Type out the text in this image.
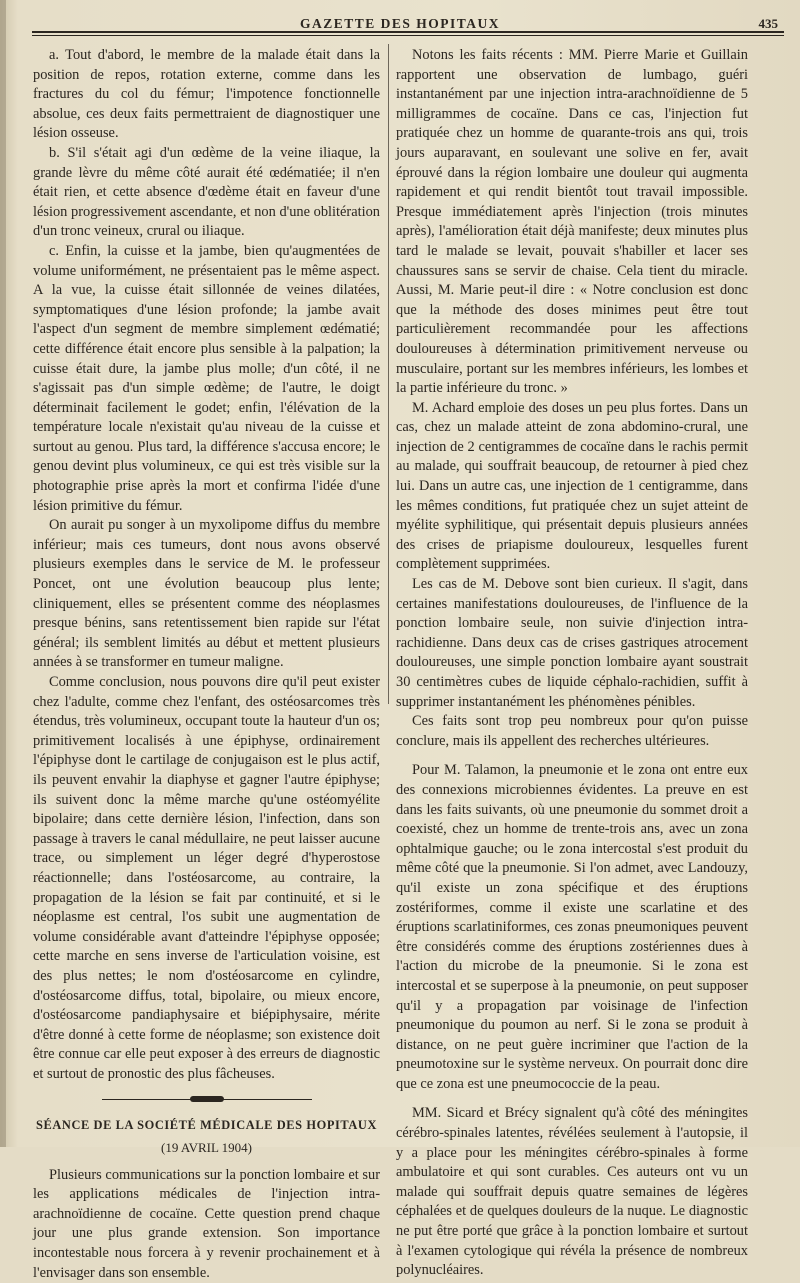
GAZETTE DES HOPITAUX	435

a. Tout d'abord, le membre de la malade était dans la position de repos, rotation externe, comme dans les fractures du col du fémur; l'impotence fonctionnelle absolue, ces deux faits permettraient de diagnostiquer une lésion osseuse.

b. S'il s'était agi d'un œdème de la veine iliaque, la grande lèvre du même côté aurait été œdématiée; il n'en était rien, et cette absence d'œdème était en faveur d'une lésion progressivement ascendante, et non d'une oblitération d'un tronc veineux, crural ou iliaque.

c. Enfin, la cuisse et la jambe, bien qu'augmentées de volume uniformément, ne présentaient pas le même aspect. A la vue, la cuisse était sillonnée de veines dilatées, symptomatiques d'une lésion profonde; la jambe avait l'aspect d'un segment de membre simplement œdématié; cette différence était encore plus sensible à la palpation; la cuisse était dure, la jambe plus molle; d'un côté, il ne s'agissait pas d'un simple œdème; de l'autre, le doigt déterminait facilement le godet; enfin, l'élévation de la température locale n'existait qu'au niveau de la cuisse et surtout au genou. Plus tard, la différence s'accusa encore; le genou devint plus volumineux, ce qui est très visible sur la photographie prise après la mort et confirma l'idée d'une lésion primitive du fémur.

On aurait pu songer à un myxolipome diffus du membre inférieur; mais ces tumeurs, dont nous avons observé plusieurs exemples dans le service de M. le professeur Poncet, ont une évolution beaucoup plus lente; cliniquement, elles se présentent comme des néoplasmes presque bénins, sans retentissement bien rapide sur l'état général; ils semblent limités au début et mettent plusieurs années à se transformer en tumeur maligne.

Comme conclusion, nous pouvons dire qu'il peut exister chez l'adulte, comme chez l'enfant, des ostéosarcomes très étendus, très volumineux, occupant toute la hauteur d'un os; primitivement localisés à une épiphyse, ordinairement l'épiphyse dont le cartilage de conjugaison est le plus actif, ils peuvent envahir la diaphyse et gagner l'autre épiphyse; ils suivent donc la même marche qu'une ostéomyélite bipolaire; dans cette dernière lésion, l'infection, dans son passage à travers le canal médullaire, ne peut laisser aucune trace, ou simplement un léger degré d'hyperostose réactionnelle; dans l'ostéosarcome, au contraire, la propagation de la lésion se fait par continuité, et si le néoplasme est central, l'os subit une augmentation de volume considérable avant d'atteindre l'épiphyse opposée; cette marche en sens inverse de l'articulation voisine, est des plus nettes; le nom d'ostéosarcome en cylindre, d'ostéosarcome diffus, total, bipolaire, ou mieux encore, d'ostéosarcome pandiaphysaire et biépiphysaire, mérite d'être donné à cette forme de néoplasme; son existence doit être connue car elle peut exposer à des erreurs de diagnostic et surtout de pronostic des plus fâcheuses.

SÉANCE DE LA SOCIÉTÉ MÉDICALE DES HOPITAUX
(19 AVRIL 1904)

Plusieurs communications sur la ponction lombaire et sur les applications médicales de l'injection intra-arachnoïdienne de cocaïne. Cette question prend chaque jour une plus grande extension. Son importance incontestable nous forcera à y revenir prochainement et à l'envisager dans son ensemble.

Notons les faits récents : MM. Pierre Marie et Guillain rapportent une observation de lumbago, guéri instantanément par une injection intra-arachnoïdienne de 5 milligrammes de cocaïne. Dans ce cas, l'injection fut pratiquée chez un homme de quarante-trois ans qui, trois jours auparavant, en soulevant une solive en fer, avait éprouvé dans la région lombaire une douleur qui augmenta rapidement et qui rendit bientôt tout travail impossible. Presque immédiatement après l'injection (trois minutes après), l'amélioration était déjà manifeste; deux minutes plus tard le malade se levait, pouvait s'habiller et lacer ses chaussures sans se servir de chaise. Cela tient du miracle. Aussi, M. Marie peut-il dire : « Notre conclusion est donc que la méthode des doses minimes peut être tout particulièrement recommandée pour les affections douloureuses à détermination primitivement nerveuse ou musculaire, portant sur les membres inférieurs, les lombes et la partie inférieure du tronc. »

M. Achard emploie des doses un peu plus fortes. Dans un cas, chez un malade atteint de zona abdomino-crural, une injection de 2 centigrammes de cocaïne dans le rachis permit au malade, qui souffrait beaucoup, de retourner à pied chez lui. Dans un autre cas, une injection de 1 centigramme, dans les mêmes conditions, fut pratiquée chez un sujet atteint de myélite syphilitique, qui présentait depuis plusieurs années des crises de priapisme douloureux, lesquelles furent complètement supprimées.

Les cas de M. Debove sont bien curieux. Il s'agit, dans certaines manifestations douloureuses, de l'influence de la ponction lombaire seule, non suivie d'injection intra-rachidienne. Dans deux cas de crises gastriques atrocement douloureuses, une simple ponction lombaire ayant soustrait 30 centimètres cubes de liquide céphalo-rachidien, suffit à supprimer instantanément les phénomènes pénibles.

Ces faits sont trop peu nombreux pour qu'on puisse conclure, mais ils appellent des recherches ultérieures.

Pour M. Talamon, la pneumonie et le zona ont entre eux des connexions microbiennes évidentes. La preuve en est dans les faits suivants, où une pneumonie du sommet droit a coexisté, chez un homme de trente-trois ans, avec un zona ophtalmique gauche; ou le zona intercostal s'est produit du même côté que la pneumonie. Si l'on admet, avec Landouzy, qu'il existe un zona spécifique et des éruptions zostériformes, comme il existe une scarlatine et des éruptions scarlatiniformes, ces zonas pneumoniques peuvent être considérés comme des éruptions zostériennes dues à l'action du microbe de la pneumonie. Si le zona est intercostal et se superpose à la pneumonie, on peut supposer qu'il y a propagation par voisinage de l'infection pneumonique du poumon au nerf. Si le zona se produit à distance, on ne peut guère incriminer que l'action de la pneumotoxine sur le système nerveux. On pourrait donc dire que ce zona est une pneumococcie de la peau.

MM. Sicard et Brécy signalent qu'à côté des méningites cérébro-spinales latentes, révélées seulement à l'autopsie, il y a place pour les méningites cérébro-spinales à forme ambulatoire et qui sont curables. Ces auteurs ont vu un malade qui souffrait depuis quatre semaines de légères céphalées et de quelques douleurs de la nuque. Le diagnostic ne put être porté que grâce à la ponction lombaire et surtout à l'examen cytologique qui révéla la présence de nombreux polynucléaires.
